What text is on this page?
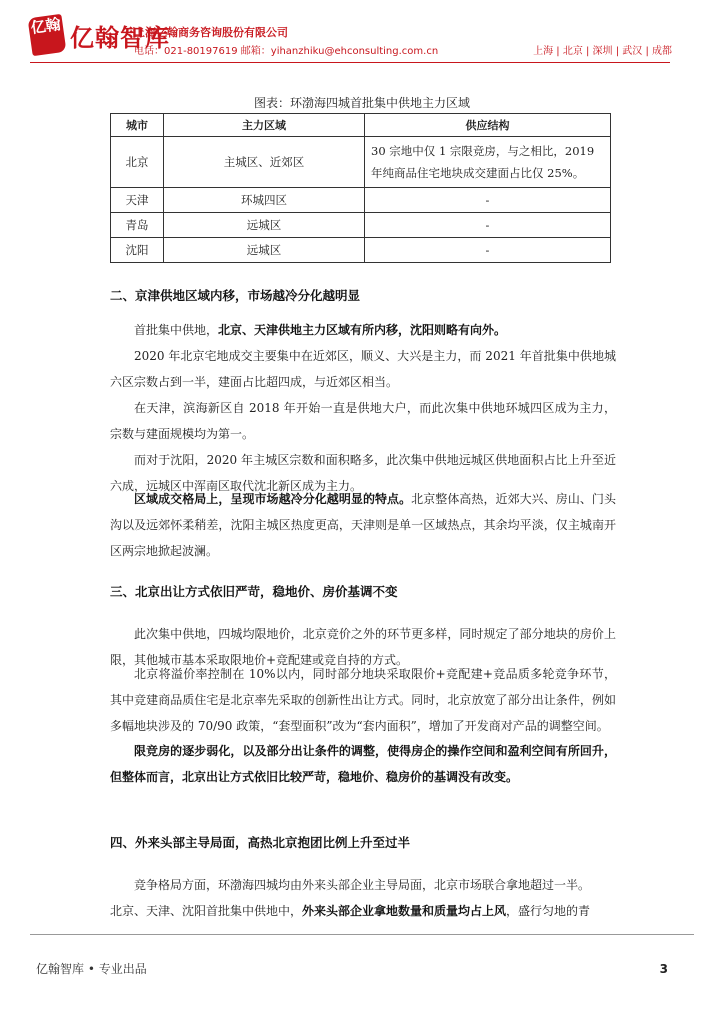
亿翰 亿翰智库
上海亿翰商务咨询股份有限公司
电话：021-80197619 邮箱：yihanzhiku@ehconsulting.com.cn	上海 | 北京 | 深圳 | 武汉 | 成都
图表：环渤海四城首批集中供地主力区域
城市	主力区域	供应结构
北京	主城区、近郊区	30 宗地中仅 1 宗限竞房，与之相比，2019 年纯商品住宅地块成交建面占比仅 25%。
天津	环城四区	-
青岛	远城区	-
沈阳	远城区	-
二、京津供地区域内移，市场越冷分化越明显
首批集中供地，北京、天津供地主力区域有所内移，沈阳则略有向外。
2020 年北京宅地成交主要集中在近郊区，顺义、大兴是主力，而 2021 年首批集中供地城六区宗数占到一半，建面占比超四成，与近郊区相当。
在天津，滨海新区自 2018 年开始一直是供地大户，而此次集中供地环城四区成为主力，宗数与建面规模均为第一。
而对于沈阳，2020 年主城区宗数和面积略多，此次集中供地远城区供地面积占比上升至近六成，远城区中浑南区取代沈北新区成为主力。
区域成交格局上，呈现市场越冷分化越明显的特点。北京整体高热，近郊大兴、房山、门头沟以及远郊怀柔稍差，沈阳主城区热度更高，天津则是单一区域热点，其余均平淡，仅主城南开区两宗地掀起波澜。
三、北京出让方式依旧严苛，稳地价、房价基调不变
此次集中供地，四城均限地价，北京竞价之外的环节更多样，同时规定了部分地块的房价上限，其他城市基本采取限地价+竞配建或竞自持的方式。
北京将溢价率控制在 10%以内，同时部分地块采取限价+竞配建+竞品质多轮竞争环节，其中竞建商品质住宅是北京率先采取的创新性出让方式。同时，北京放宽了部分出让条件，例如多幅地块涉及的 70/90 政策，“套型面积”改为“套内面积”，增加了开发商对产品的调整空间。
限竞房的逐步弱化，以及部分出让条件的调整，使得房企的操作空间和盈利空间有所回升，但整体而言，北京出让方式依旧比较严苛，稳地价、稳房价的基调没有改变。
四、外来头部主导局面，高热北京抱团比例上升至过半
竞争格局方面，环渤海四城均由外来头部企业主导局面，北京市场联合拿地超过一半。
北京、天津、沈阳首批集中供地中，外来头部企业拿地数量和质量均占上风，盛行匀地的青
亿翰智库 • 专业出品	3
